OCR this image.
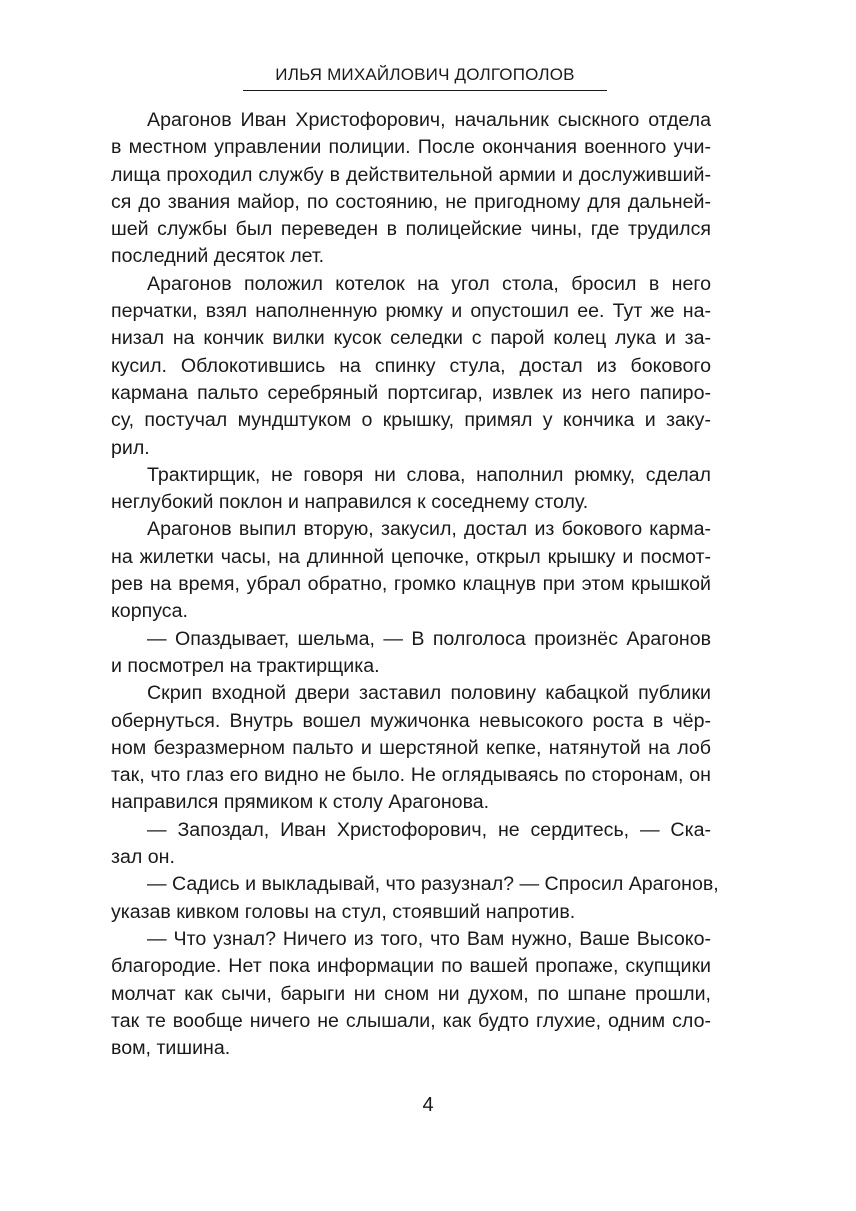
ИЛЬЯ МИХАЙЛОВИЧ ДОЛГОПОЛОВ
Арагонов Иван Христофорович, начальник сыскного отдела
в местном управлении полиции. После окончания военного учи-
лища проходил службу в действительной армии и дослуживший-
ся до звания майор, по состоянию, не пригодному для дальней-
шей службы был переведен в полицейские чины, где трудился
последний десяток лет.
Арагонов положил котелок на угол стола, бросил в него
перчатки, взял наполненную рюмку и опустошил ее. Тут же на-
низал на кончик вилки кусок селедки с парой колец лука и за-
кусил. Облокотившись на спинку стула, достал из бокового
кармана пальто серебряный портсигар, извлек из него папиро-
су, постучал мундштуком о крышку, примял у кончика и заку-
рил.
Трактирщик, не говоря ни слова, наполнил рюмку, сделал
неглубокий поклон и направился к соседнему столу.
Арагонов выпил вторую, закусил, достал из бокового карма-
на жилетки часы, на длинной цепочке, открыл крышку и посмот-
рев на время, убрал обратно, громко клацнув при этом крышкой
корпуса.
— Опаздывает, шельма, — В полголоса произнёс Арагонов
и посмотрел на трактирщика.
Скрип входной двери заставил половину кабацкой публики
обернуться. Внутрь вошел мужичонка невысокого роста в чёр-
ном безразмерном пальто и шерстяной кепке, натянутой на лоб
так, что глаз его видно не было. Не оглядываясь по сторонам, он
направился прямиком к столу Арагонова.
— Запоздал, Иван Христофорович, не сердитесь, — Ска-
зал он.
— Садись и выкладывай, что разузнал? — Спросил Арагонов,
указав кивком головы на стул, стоявший напротив.
— Что узнал? Ничего из того, что Вам нужно, Ваше Высоко-
благородие. Нет пока информации по вашей пропаже, скупщики
молчат как сычи, барыги ни сном ни духом, по шпане прошли,
так те вообще ничего не слышали, как будто глухие, одним сло-
вом, тишина.
4
